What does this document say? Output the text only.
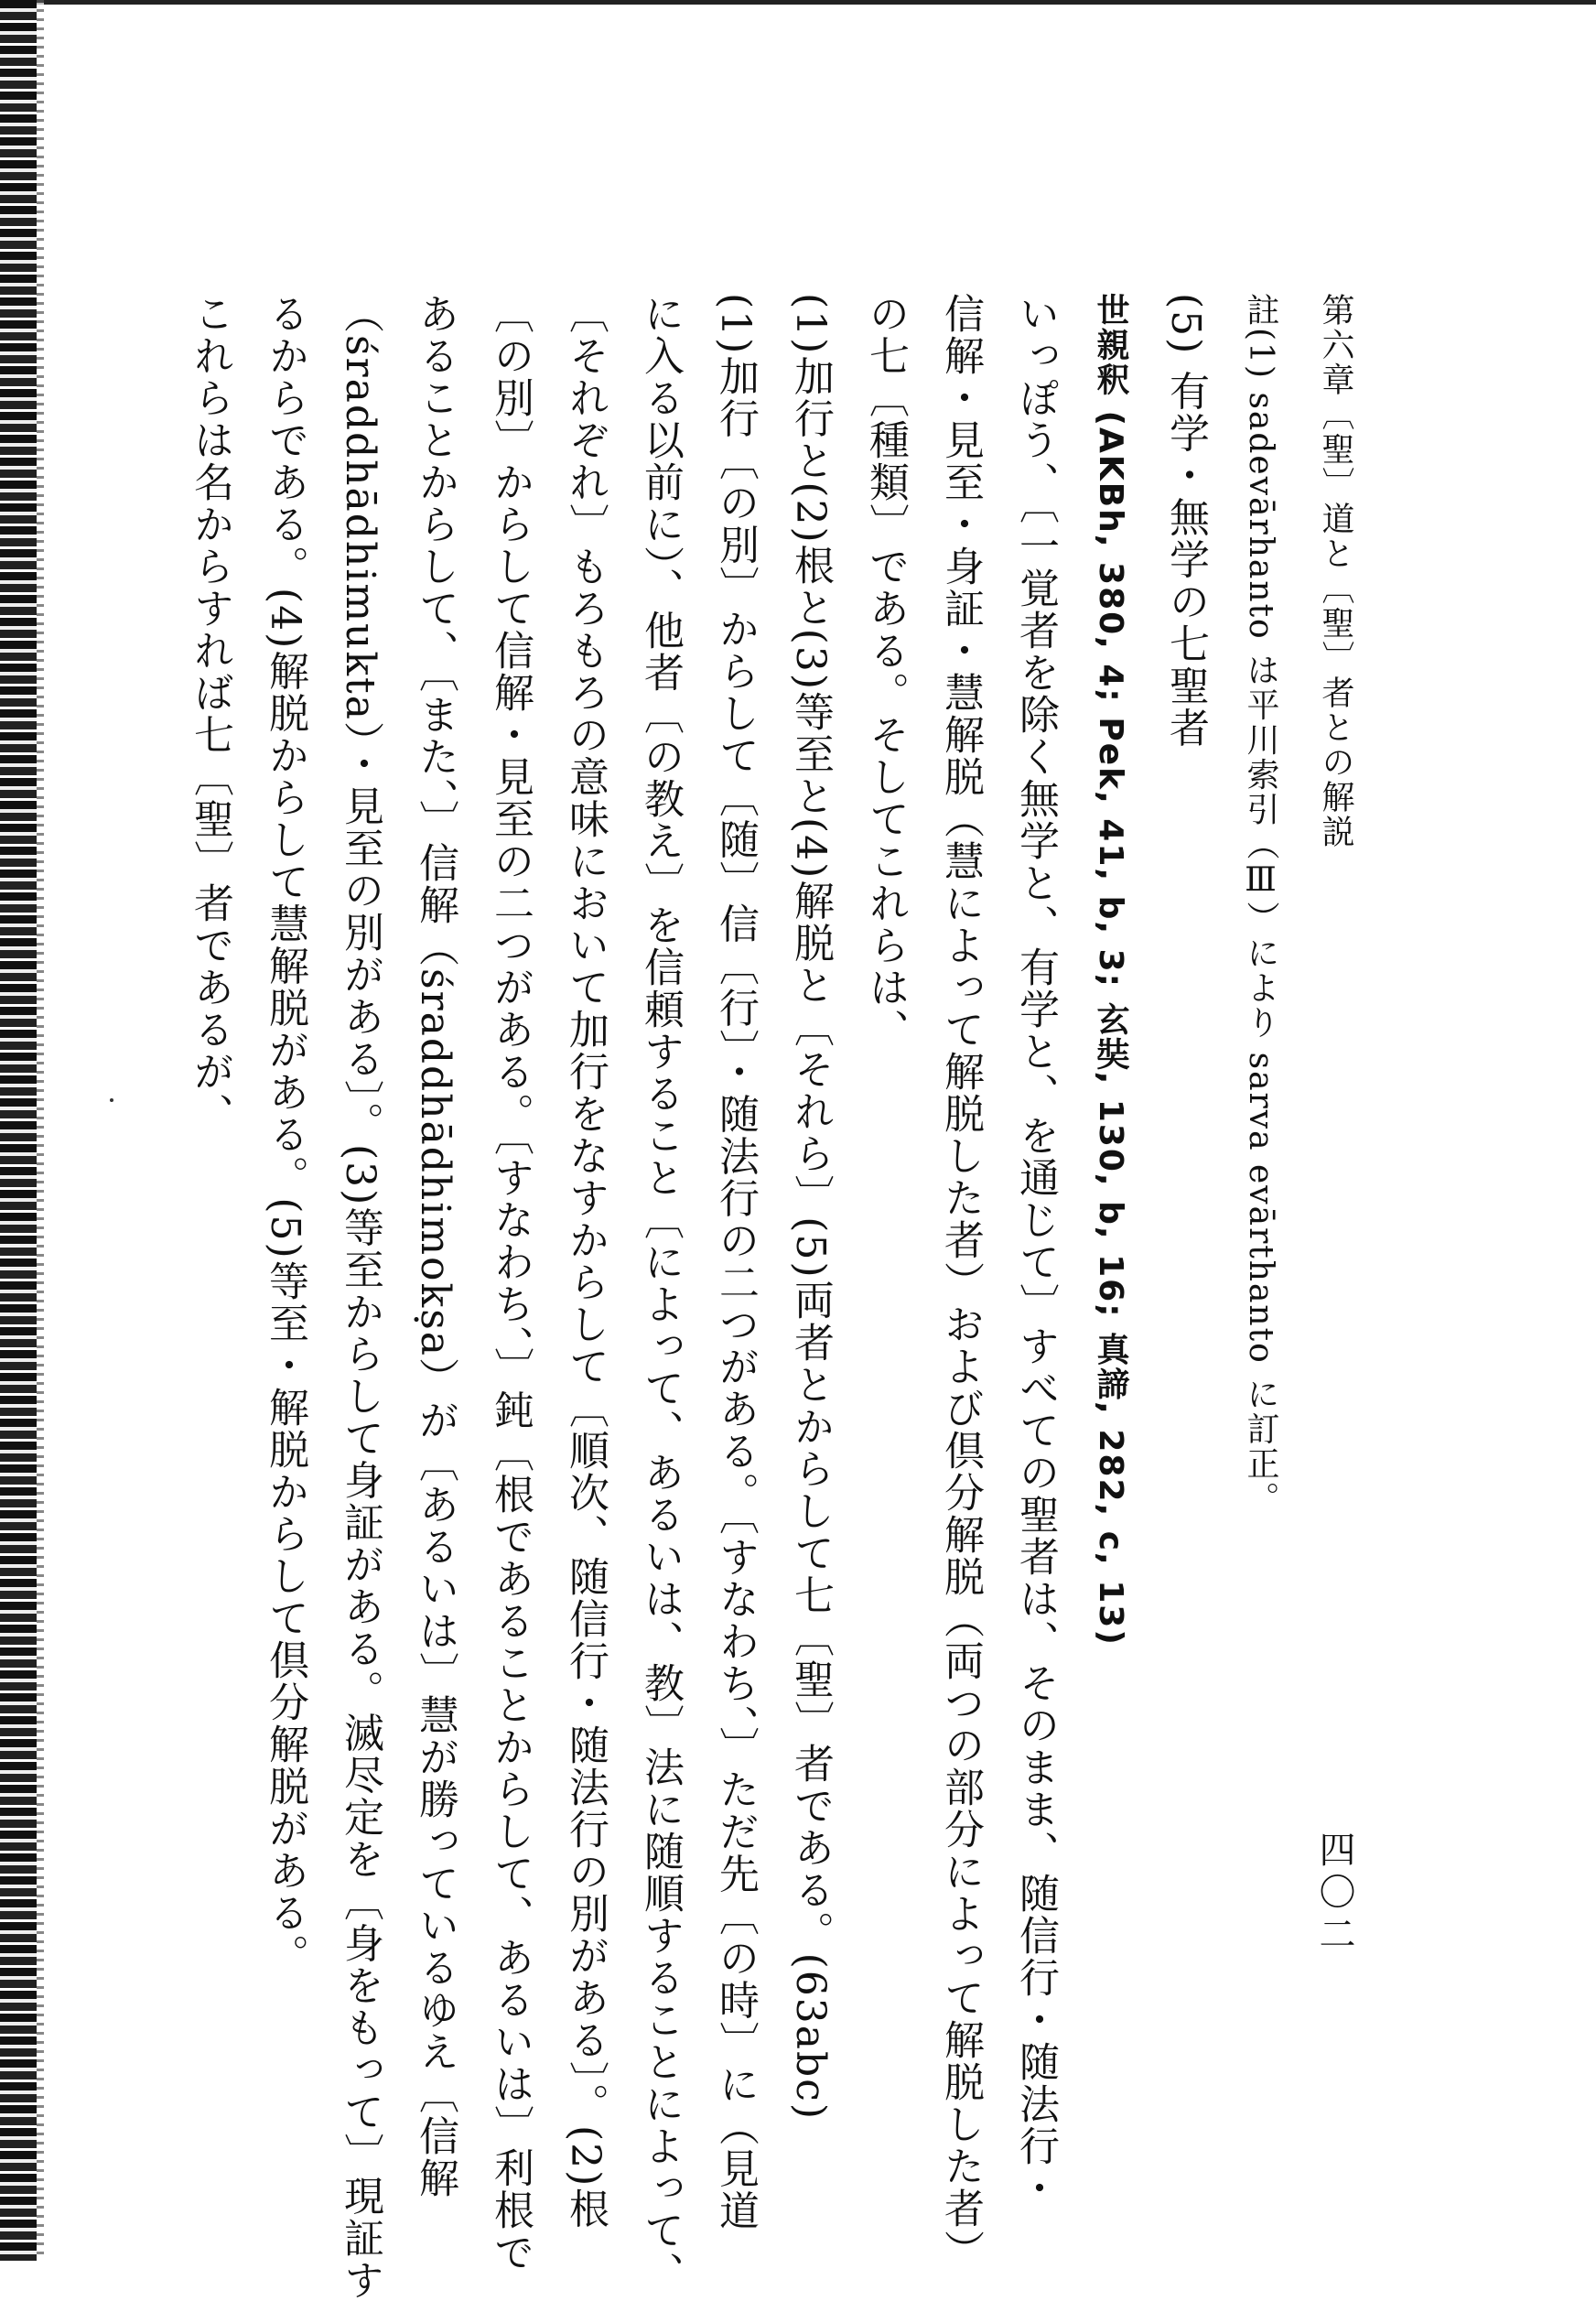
第六章〔聖〕道と〔聖〕者との解説

註(1) sadevārhanto は平川索引（Ⅲ）により sarva evārthanto に訂正。

(5) 有学・無学の七聖者

世親釈 (AKBh, 380, 4; Pek, 41, b, 3; 玄奘, 130, b, 16; 真諦, 282, c, 13)

いっぽう、〔一覚者を除く無学と、有学と、を通じて〕すべての聖者は、そのまま、随信行・随法行・

信解・見至・身証・慧解脱（慧によって解脱した者）および倶分解脱（両つの部分によって解脱した者）

の七〔種類〕である。そしてこれらは、

(1)加行と(2)根と(3)等至と(4)解脱と〔それら〕(5)両者とからして七〔聖〕者である。(63abc)

(1)加行〔の別〕からして〔随〕信〔行〕・随法行の二つがある。〔すなわち、〕ただ先〔の時〕に（見道

に入る以前に）、他者〔の教え〕を信頼すること〔によって、あるいは、教〕法に随順することによって、

〔それぞれ〕もろもろの意味において加行をなすからして〔順次、随信行・随法行の別がある〕。(2)根

〔の別〕からして信解・見至の二つがある。〔すなわち、〕鈍〔根であることからして、あるいは〕利根で

あることからして、〔また、〕信解（śraddhādhimokṣa）が〔あるいは〕慧が勝っているゆえ〔信解

（śraddhādhimukta）・見至の別がある〕。(3)等至からして身証がある。滅尽定を〔身をもって〕現証す

るからである。(4)解脱からして慧解脱がある。(5)等至・解脱からして倶分解脱がある。

これらは名からすれば七〔聖〕者であるが、

四〇二
